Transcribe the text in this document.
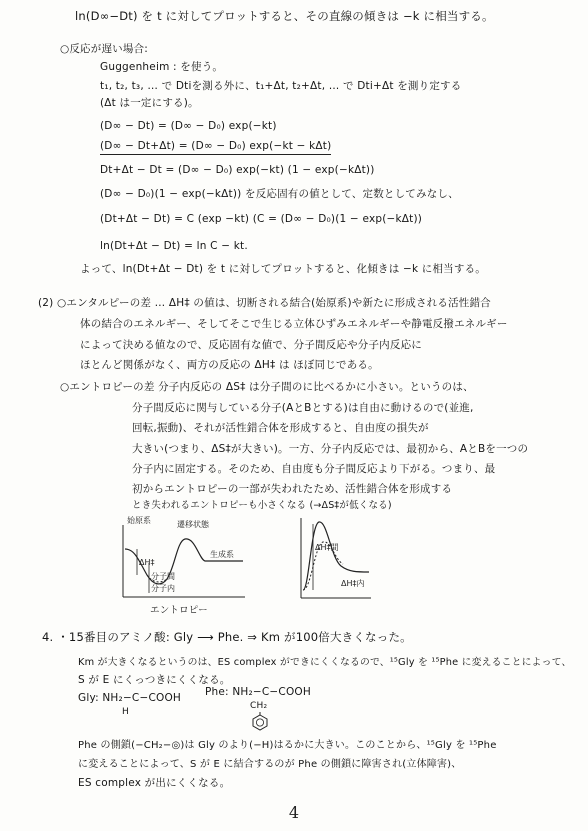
ln(D∞−Dt) を t に対してプロットすると、その直線の傾きは −k に相当する。
○反応が遅い場合:
Guggenheim : を使う。
t₁, t₂, t₃, … で Dtiを測る外に、t₁+Δt, t₂+Δt, … で Dti+Δt を測り定する
(Δt は一定にする)。
(D∞ − Dt) = (D∞ − D₀) exp(−kt)
(D∞ − Dt+Δt) = (D∞ − D₀) exp(−kt − kΔt)
Dt+Δt − Dt = (D∞ − D₀) exp(−kt) (1 − exp(−kΔt))
(D∞ − D₀)(1 − exp(−kΔt)) を反応固有の値として、定数としてみなし、
(Dt+Δt − Dt) = C (exp −kt) (C = (D∞ − D₀)(1 − exp(−kΔt))
ln(Dt+Δt − Dt) = ln C − kt.
よって、ln(Dt+Δt − Dt) を t に対してプロットすると、化傾きは −k に相当する。
(2) ○エンタルピーの差 … ΔH‡ の値は、切断される結合(始原系)や新たに形成される活性錯合
体の結合のエネルギー、そしてそこで生じる立体ひずみエネルギーや静電反撥エネルギー
によって決める値なので、反応固有な値で、分子間反応や分子内反応に
ほとんど関係がなく、両方の反応の ΔH‡ は ほぼ同じである。
○エントロピーの差 分子内反応の ΔS‡ は分子間のに比べるかに小さい。というのは、
分子間反応に関与している分子(AとBとする)は自由に動けるので(並進,
回転,振動)、それが活性錯合体を形成すると、自由度の損失が
大きい(つまり、ΔS‡が大きい)。一方、分子内反応では、最初から、AとBを一つの
分子内に固定する。そのため、自由度も分子間反応より下がる。つまり、最
初からエントロピーの一部が失われたため、活性錯合体を形成する
とき失われるエントロピーも小さくなる (→ΔS‡が低くなる)
始原系	遷移状態
生成系
ΔH‡
分子間
分子内
エントロピー
ΔH‡間
ΔH‡内
4. ・15番目のアミノ酸: Gly ⟶ Phe. ⇒ Km が100倍大きくなった。
Km が大きくなるというのは、ES complex ができにくくなるので、¹⁵Gly を ¹⁵Phe に変えることによって、
S が E にくっつきにくくなる。
Gly: NH₂−C−COOH
H
Phe: NH₂−C−COOH
CH₂
Phe の側鎖(−CH₂−◎)は Gly のより(−H)はるかに大きい。このことから、¹⁵Gly を ¹⁵Phe
に変えることによって、S が E に結合するのが Phe の側鎖に障害され(立体障害)、
ES complex が出にくくなる。
4
